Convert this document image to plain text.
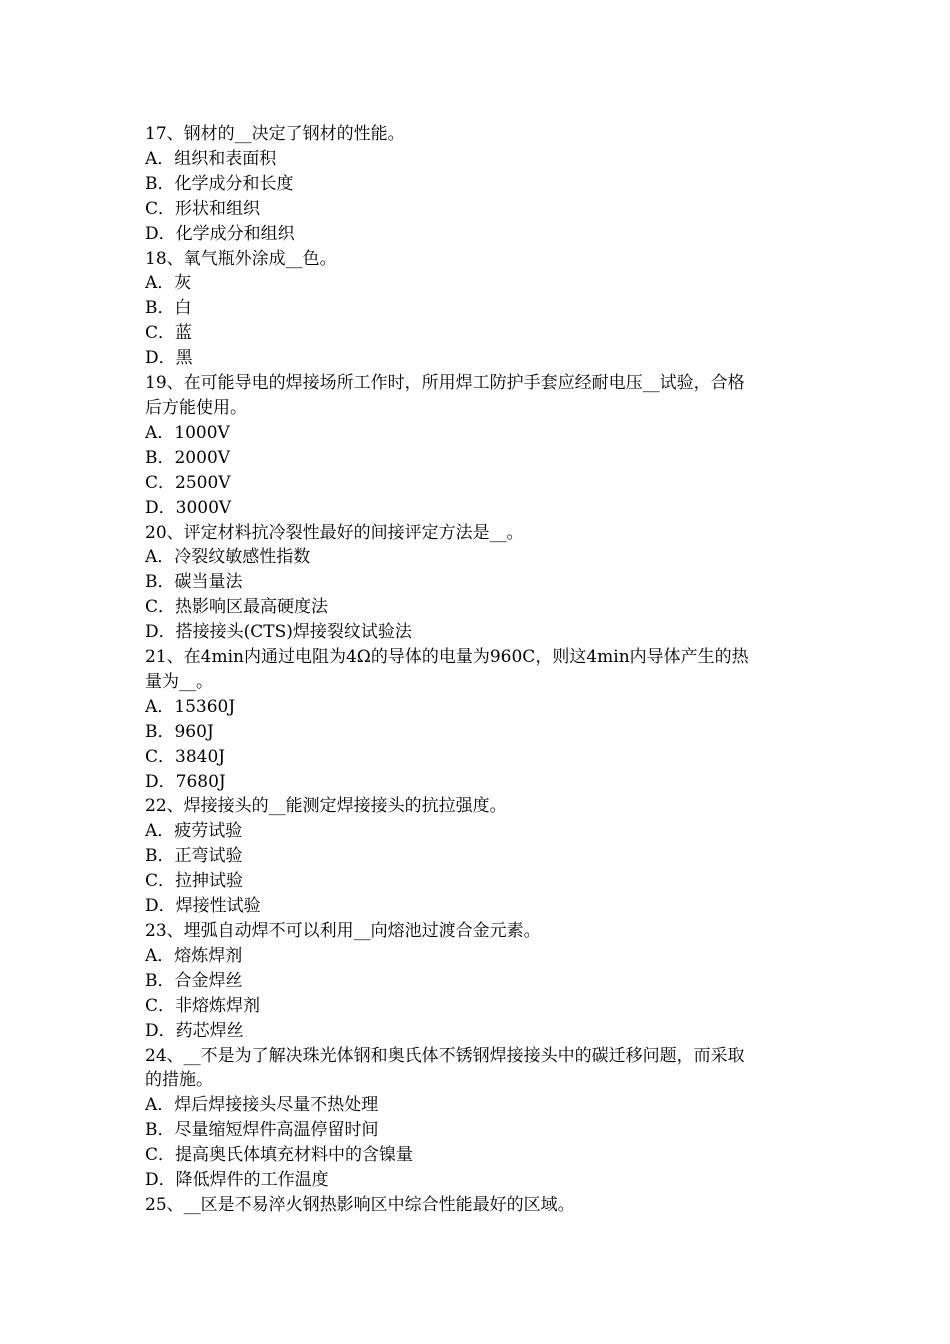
17、钢材的__决定了钢材的性能。
A．组织和表面积
B．化学成分和长度
C．形状和组织
D．化学成分和组织
18、氧气瓶外涂成__色。
A．灰
B．白
C．蓝
D．黑
19、在可能导电的焊接场所工作时，所用焊工防护手套应经耐电压__试验，合格
后方能使用。
A．1000V
B．2000V
C．2500V
D．3000V
20、评定材料抗冷裂性最好的间接评定方法是__。
A．冷裂纹敏感性指数
B．碳当量法
C．热影响区最高硬度法
D．搭接接头(CTS)焊接裂纹试验法
21、在4min内通过电阻为4Ω的导体的电量为960C，则这4min内导体产生的热
量为__。
A．15360J
B．960J
C．3840J
D．7680J
22、焊接接头的__能测定焊接接头的抗拉强度。
A．疲劳试验
B．正弯试验
C．拉抻试验
D．焊接性试验
23、埋弧自动焊不可以利用__向熔池过渡合金元素。
A．熔炼焊剂
B．合金焊丝
C．非熔炼焊剂
D．药芯焊丝
24、__不是为了解决珠光体钢和奥氏体不锈钢焊接接头中的碳迁移问题，而采取
的措施。
A．焊后焊接接头尽量不热处理
B．尽量缩短焊件高温停留时间
C．提高奥氏体填充材料中的含镍量
D．降低焊件的工作温度
25、__区是不易淬火钢热影响区中综合性能最好的区域。
